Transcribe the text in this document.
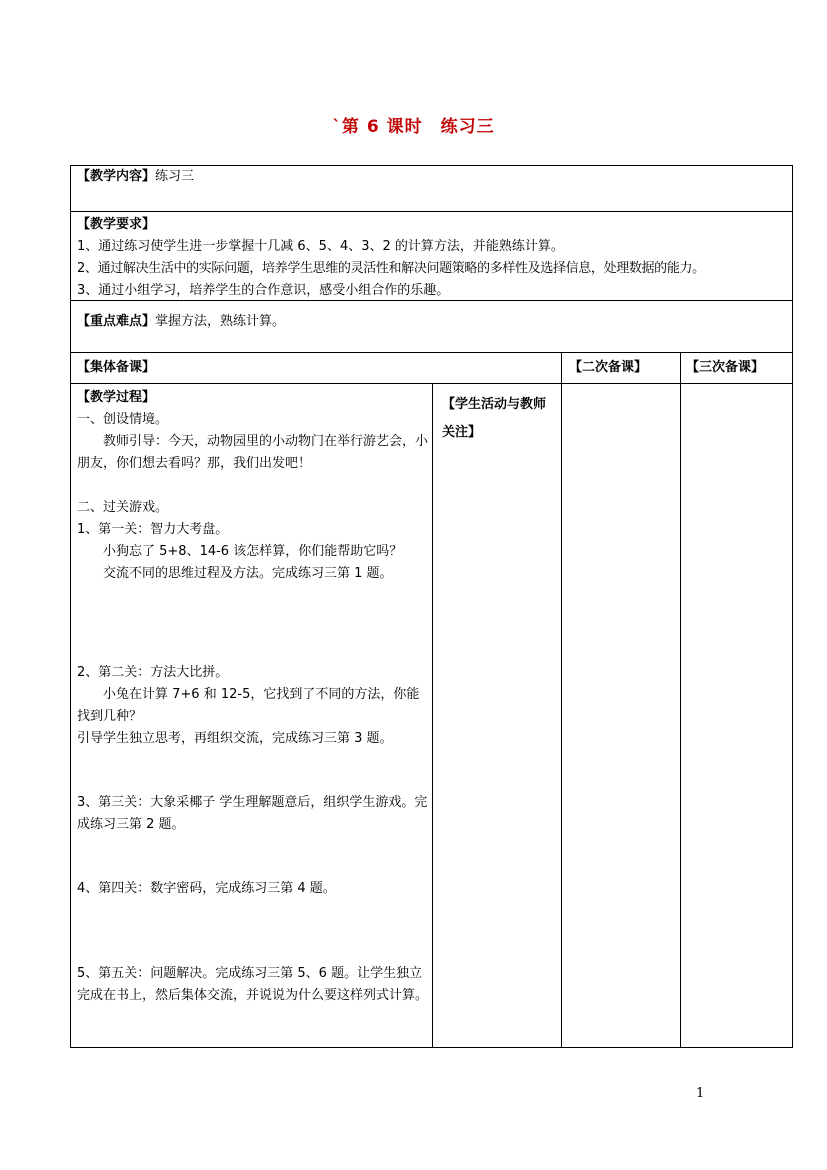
`第 6 课时　练习三
【教学内容】练习三
【教学要求】
1、通过练习使学生进一步掌握十几减 6、5、4、3、2 的计算方法，并能熟练计算。
2、通过解决生活中的实际问题，培养学生思维的灵活性和解决问题策略的多样性及选择信息，处理数据的能力。
3、通过小组学习，培养学生的合作意识，感受小组合作的乐趣。
【重点难点】掌握方法，熟练计算。
【集体备课】	【二次备课】	【三次备课】
【教学过程】
一、创设情境。
教师引导：今天，动物园里的小动物门在举行游艺会，小朋友，你们想去看吗？那，我们出发吧！
二、过关游戏。
1、第一关：智力大考盘。
小狗忘了 5+8、14-6 该怎样算，你们能帮助它吗？
交流不同的思维过程及方法。完成练习三第 1 题。
2、第二关：方法大比拼。
小兔在计算 7+6 和 12-5，它找到了不同的方法，你能找到几种？
引导学生独立思考，再组织交流，完成练习三第 3 题。
3、第三关：大象采椰子 学生理解题意后，组织学生游戏。完成练习三第 2 题。
4、第四关：数字密码，完成练习三第 4 题。
5、第五关：问题解决。完成练习三第 5、6 题。让学生独立完成在书上，然后集体交流，并说说为什么要这样列式计算。
【学生活动与教师关注】
1
